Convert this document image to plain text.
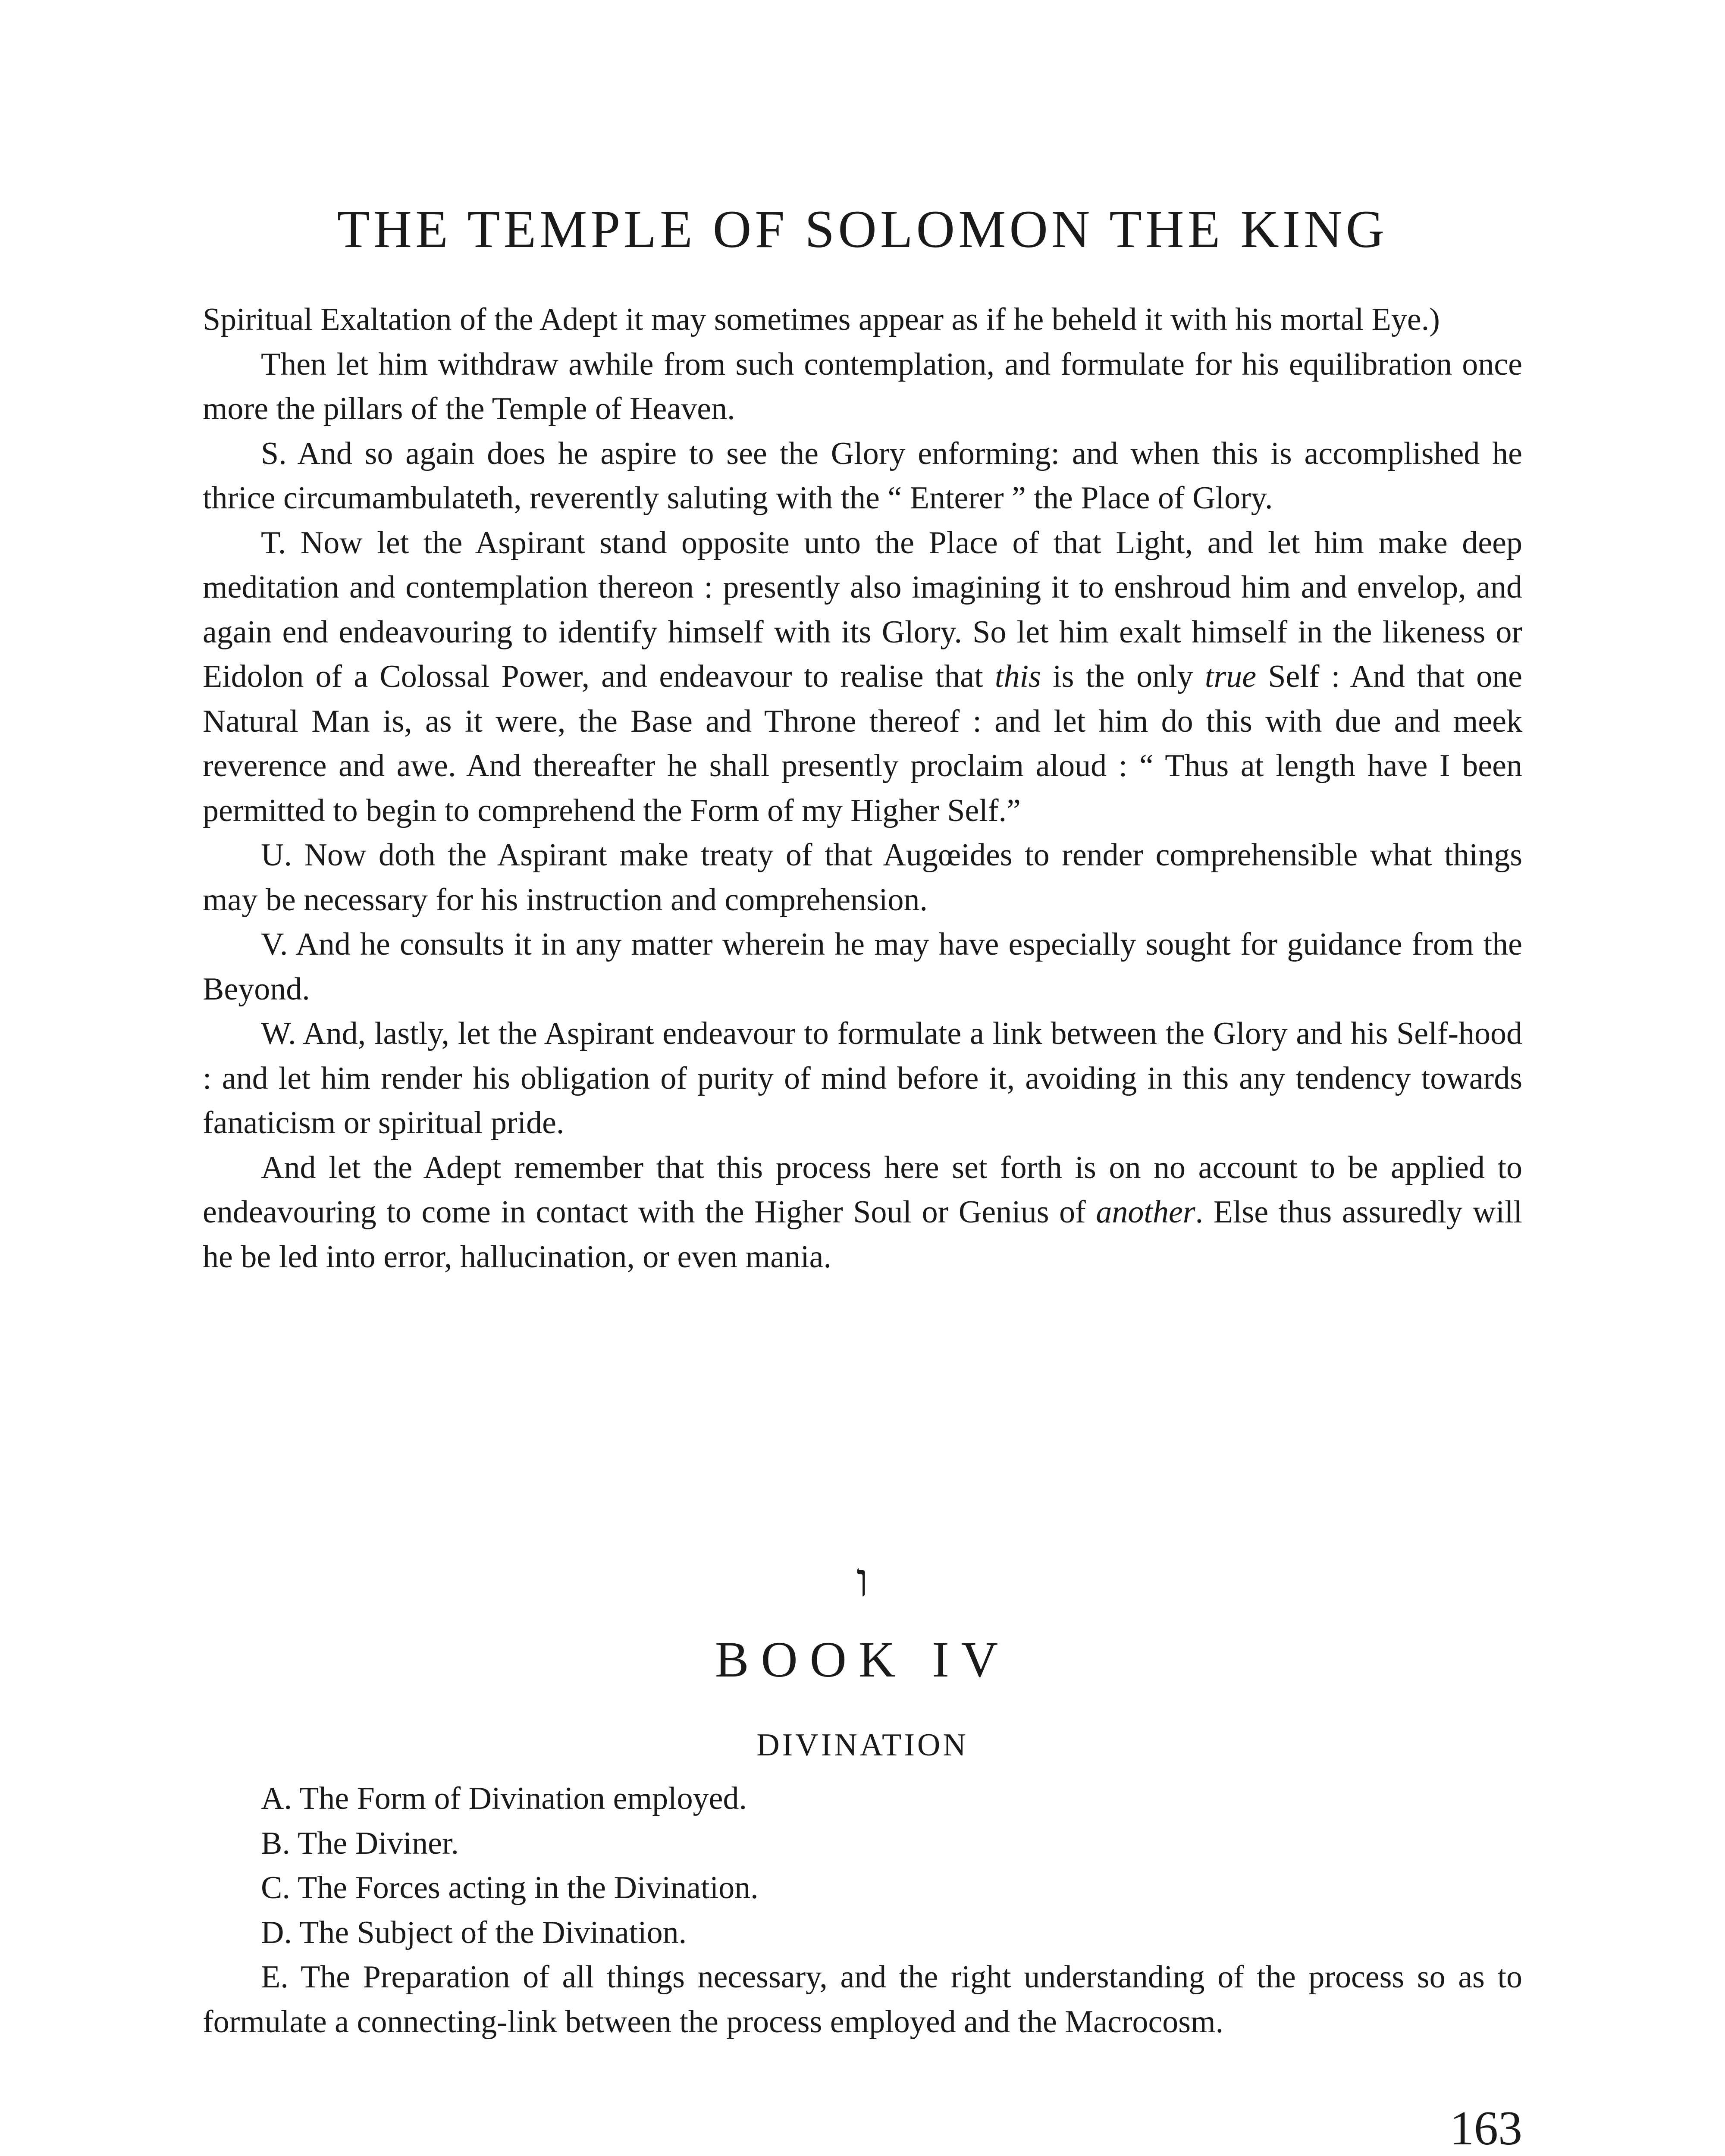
THE TEMPLE OF SOLOMON THE KING

Spiritual Exaltation of the Adept it may sometimes appear as if he beheld it with his mortal Eye.)

Then let him withdraw awhile from such contemplation, and formulate for his equilibration once more the pillars of the Temple of Heaven.

S. And so again does he aspire to see the Glory enforming: and when this is accomplished he thrice circumambulateth, reverently saluting with the “ Enterer ” the Place of Glory.

T. Now let the Aspirant stand opposite unto the Place of that Light, and let him make deep meditation and contemplation thereon : presently also imagining it to enshroud him and envelop, and again end endeavouring to identify himself with its Glory. So let him exalt himself in the likeness or Eidolon of a Colossal Power, and endeavour to realise that this is the only true Self : And that one Natural Man is, as it were, the Base and Throne thereof : and let him do this with due and meek reverence and awe. And thereafter he shall presently proclaim aloud : “ Thus at length have I been permitted to begin to comprehend the Form of my Higher Self.”

U. Now doth the Aspirant make treaty of that Augœides to render comprehensible what things may be necessary for his instruction and comprehension.

V. And he consults it in any matter wherein he may have especially sought for guidance from the Beyond.

W. And, lastly, let the Aspirant endeavour to formulate a link between the Glory and his Self-hood : and let him render his obligation of purity of mind before it, avoiding in this any tendency towards fanaticism or spiritual pride.

And let the Adept remember that this process here set forth is on no account to be applied to endeavouring to come in contact with the Higher Soul or Genius of another. Else thus assuredly will he be led into error, hallucination, or even mania.

ו
BOOK IV
DIVINATION
A. The Form of Divination employed.
B. The Diviner.
C. The Forces acting in the Divination.
D. The Subject of the Divination.
E. The Preparation of all things necessary, and the right understanding of the process so as to formulate a connecting-link between the process employed and the Macrocosm.
163
